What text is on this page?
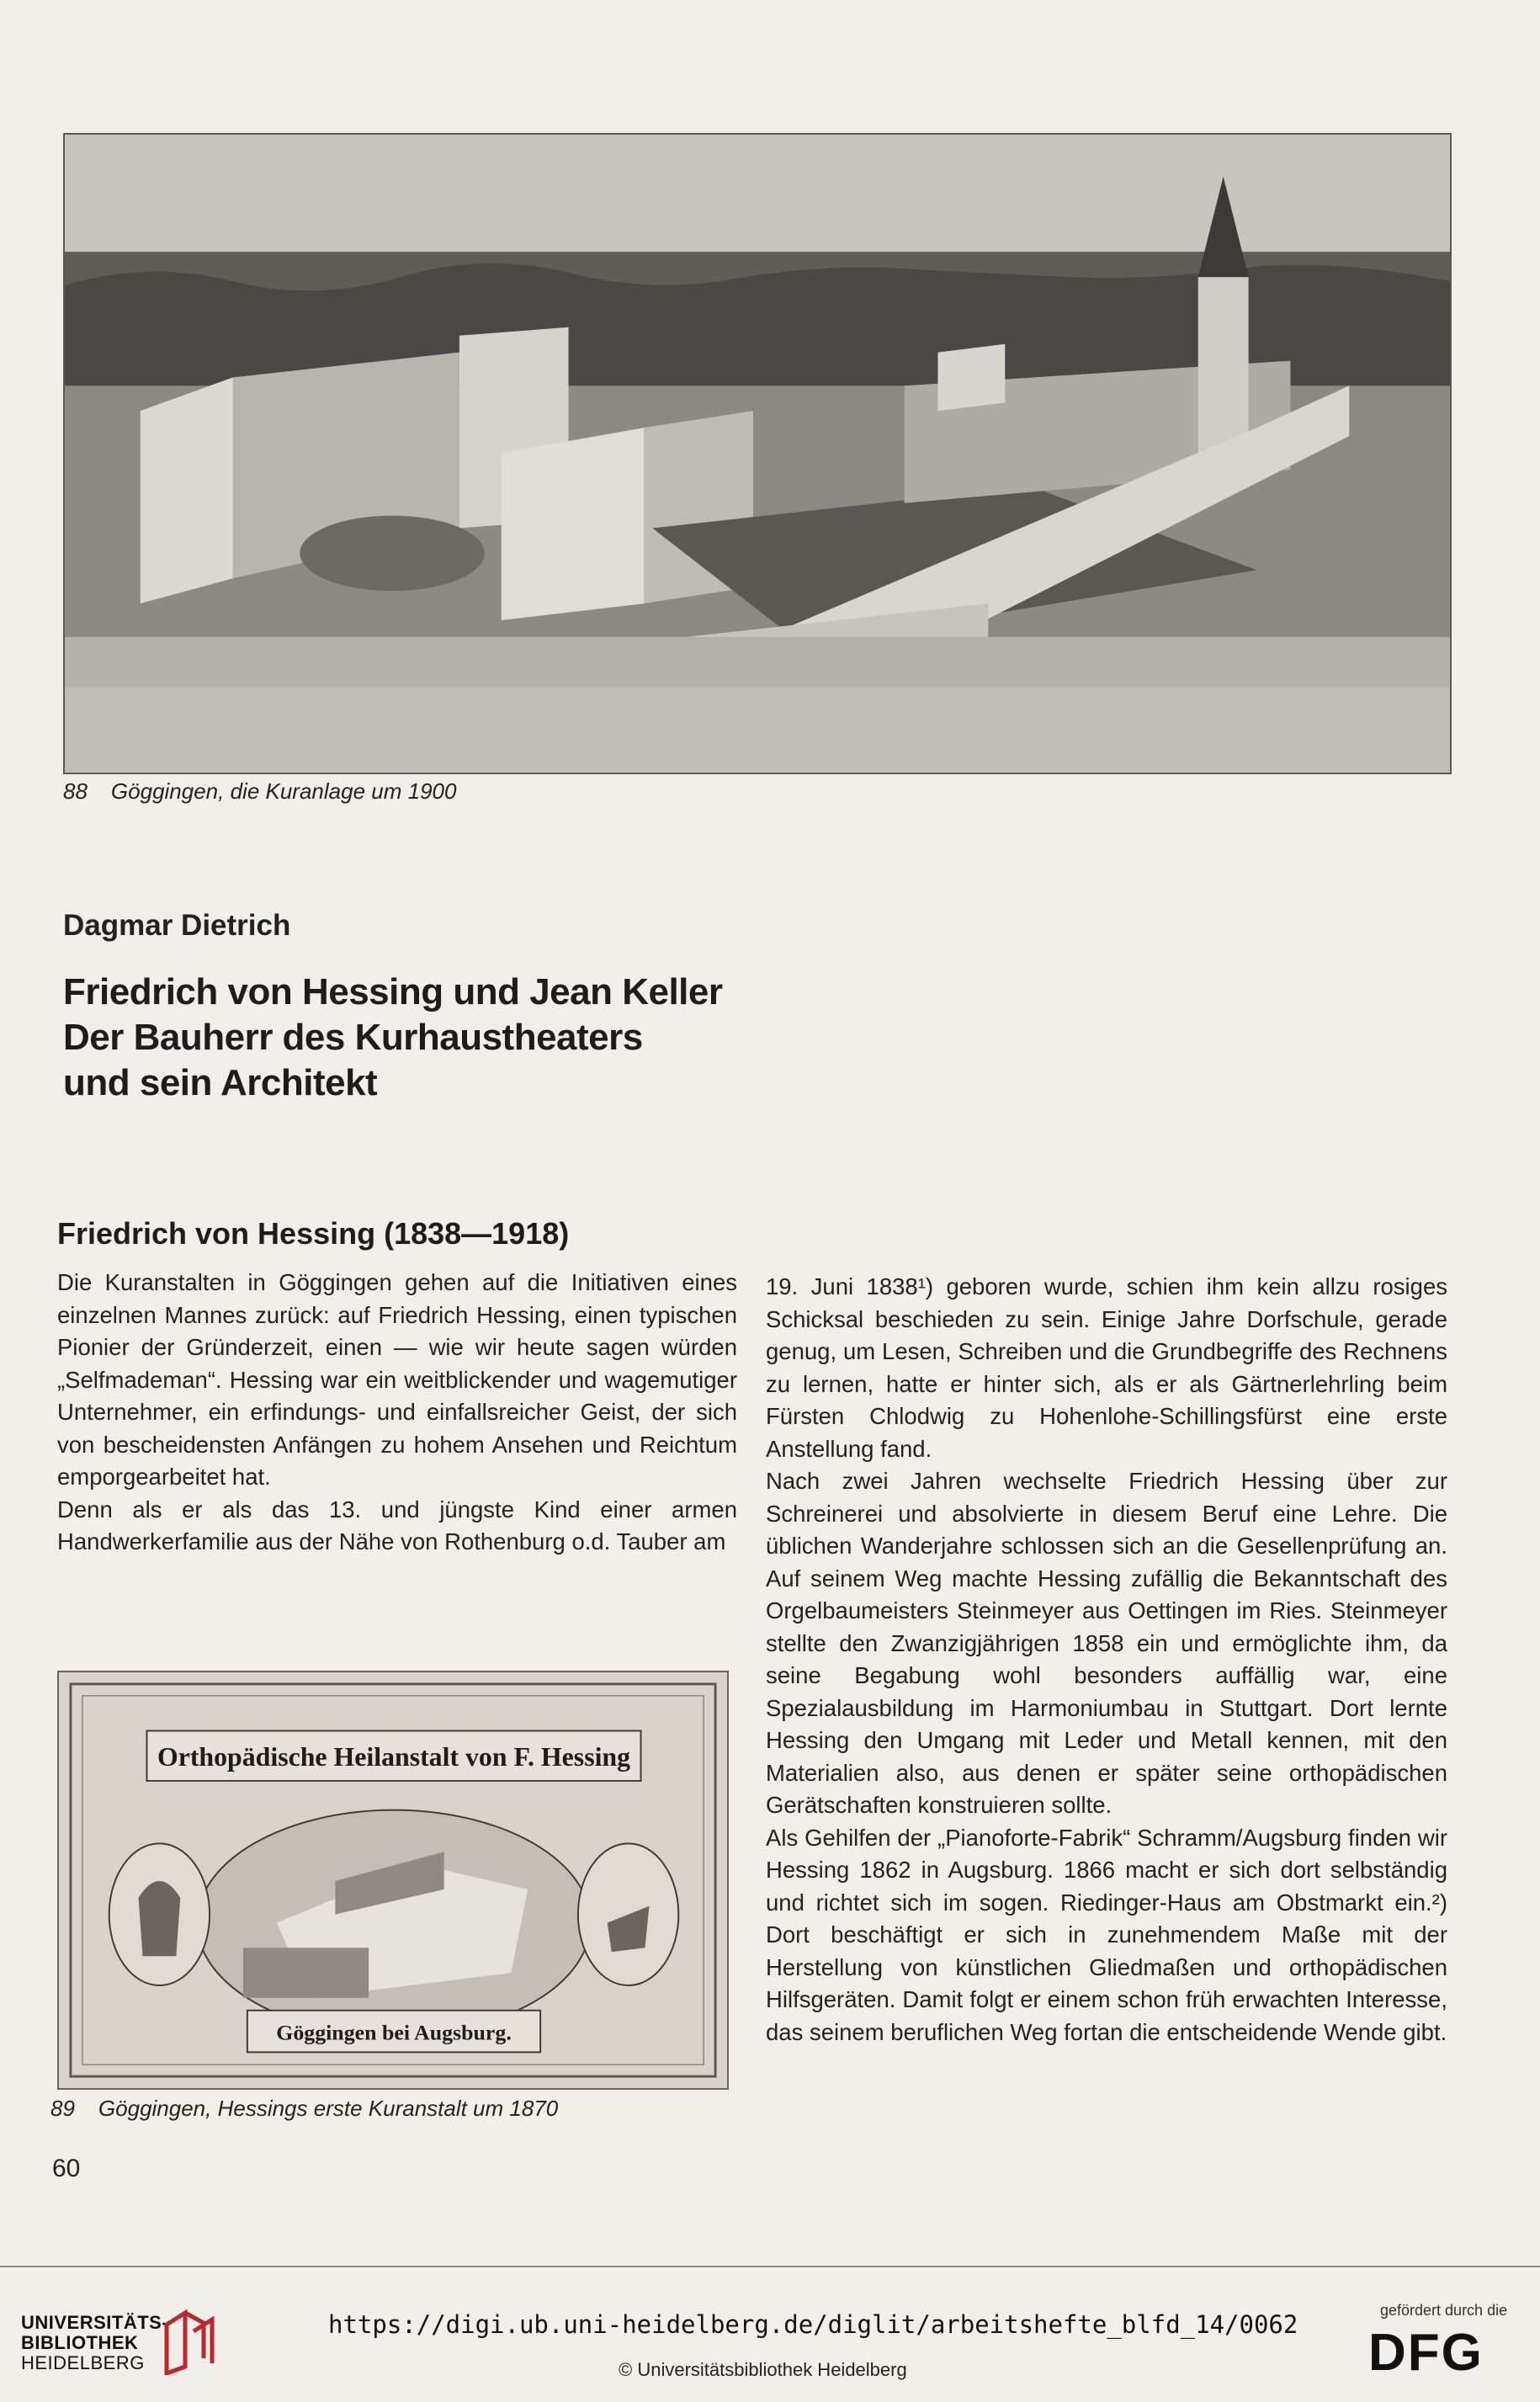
88 Göggingen, die Kuranlage um 1900
Dagmar Dietrich
Friedrich von Hessing und Jean Keller
Der Bauherr des Kurhaustheaters
und sein Architekt
Friedrich von Hessing (1838—1918)

Die Kuranstalten in Göggingen gehen auf die Initiativen eines einzelnen Mannes zurück: auf Friedrich Hessing, einen typischen Pionier der Gründerzeit, einen — wie wir heute sagen würden „Selfmademan“. Hessing war ein weitblickender und wagemutiger Unternehmer, ein erfindungs- und einfallsreicher Geist, der sich von bescheidensten Anfängen zu hohem Ansehen und Reichtum emporgearbeitet hat.

Denn als er als das 13. und jüngste Kind einer armen Handwerkerfamilie aus der Nähe von Rothenburg o.d. Tauber am

Orthopädische Heilanstalt von F. Hessing
Göggingen bei Augsburg.
89 Göggingen, Hessings erste Kuranstalt um 1870

19. Juni 1838¹) geboren wurde, schien ihm kein allzu rosiges Schicksal beschieden zu sein. Einige Jahre Dorfschule, gerade genug, um Lesen, Schreiben und die Grundbegriffe des Rechnens zu lernen, hatte er hinter sich, als er als Gärtnerlehrling beim Fürsten Chlodwig zu Hohenlohe-Schillingsfürst eine erste Anstellung fand.

Nach zwei Jahren wechselte Friedrich Hessing über zur Schreinerei und absolvierte in diesem Beruf eine Lehre. Die üblichen Wanderjahre schlossen sich an die Gesellenprüfung an. Auf seinem Weg machte Hessing zufällig die Bekanntschaft des Orgelbaumeisters Steinmeyer aus Oettingen im Ries. Steinmeyer stellte den Zwanzigjährigen 1858 ein und ermöglichte ihm, da seine Begabung wohl besonders auffällig war, eine Spezialausbildung im Harmoniumbau in Stuttgart. Dort lernte Hessing den Umgang mit Leder und Metall kennen, mit den Materialien also, aus denen er später seine orthopädischen Gerätschaften konstruieren sollte.

Als Gehilfen der „Pianoforte-Fabrik“ Schramm/Augsburg finden wir Hessing 1862 in Augsburg. 1866 macht er sich dort selbständig und richtet sich im sogen. Riedinger-Haus am Obstmarkt ein.²) Dort beschäftigt er sich in zunehmendem Maße mit der Herstellung von künstlichen Gliedmaßen und orthopädischen Hilfsgeräten. Damit folgt er einem schon früh erwachten Interesse, das seinem beruflichen Weg fortan die entscheidende Wende gibt.

60
UNIVERSITÄTS-
BIBLIOTHEK
HEIDELBERG
https://digi.ub.uni-heidelberg.de/diglit/arbeitshefte_blfd_14/0062
© Universitätsbibliothek Heidelberg
gefördert durch die
DFG
